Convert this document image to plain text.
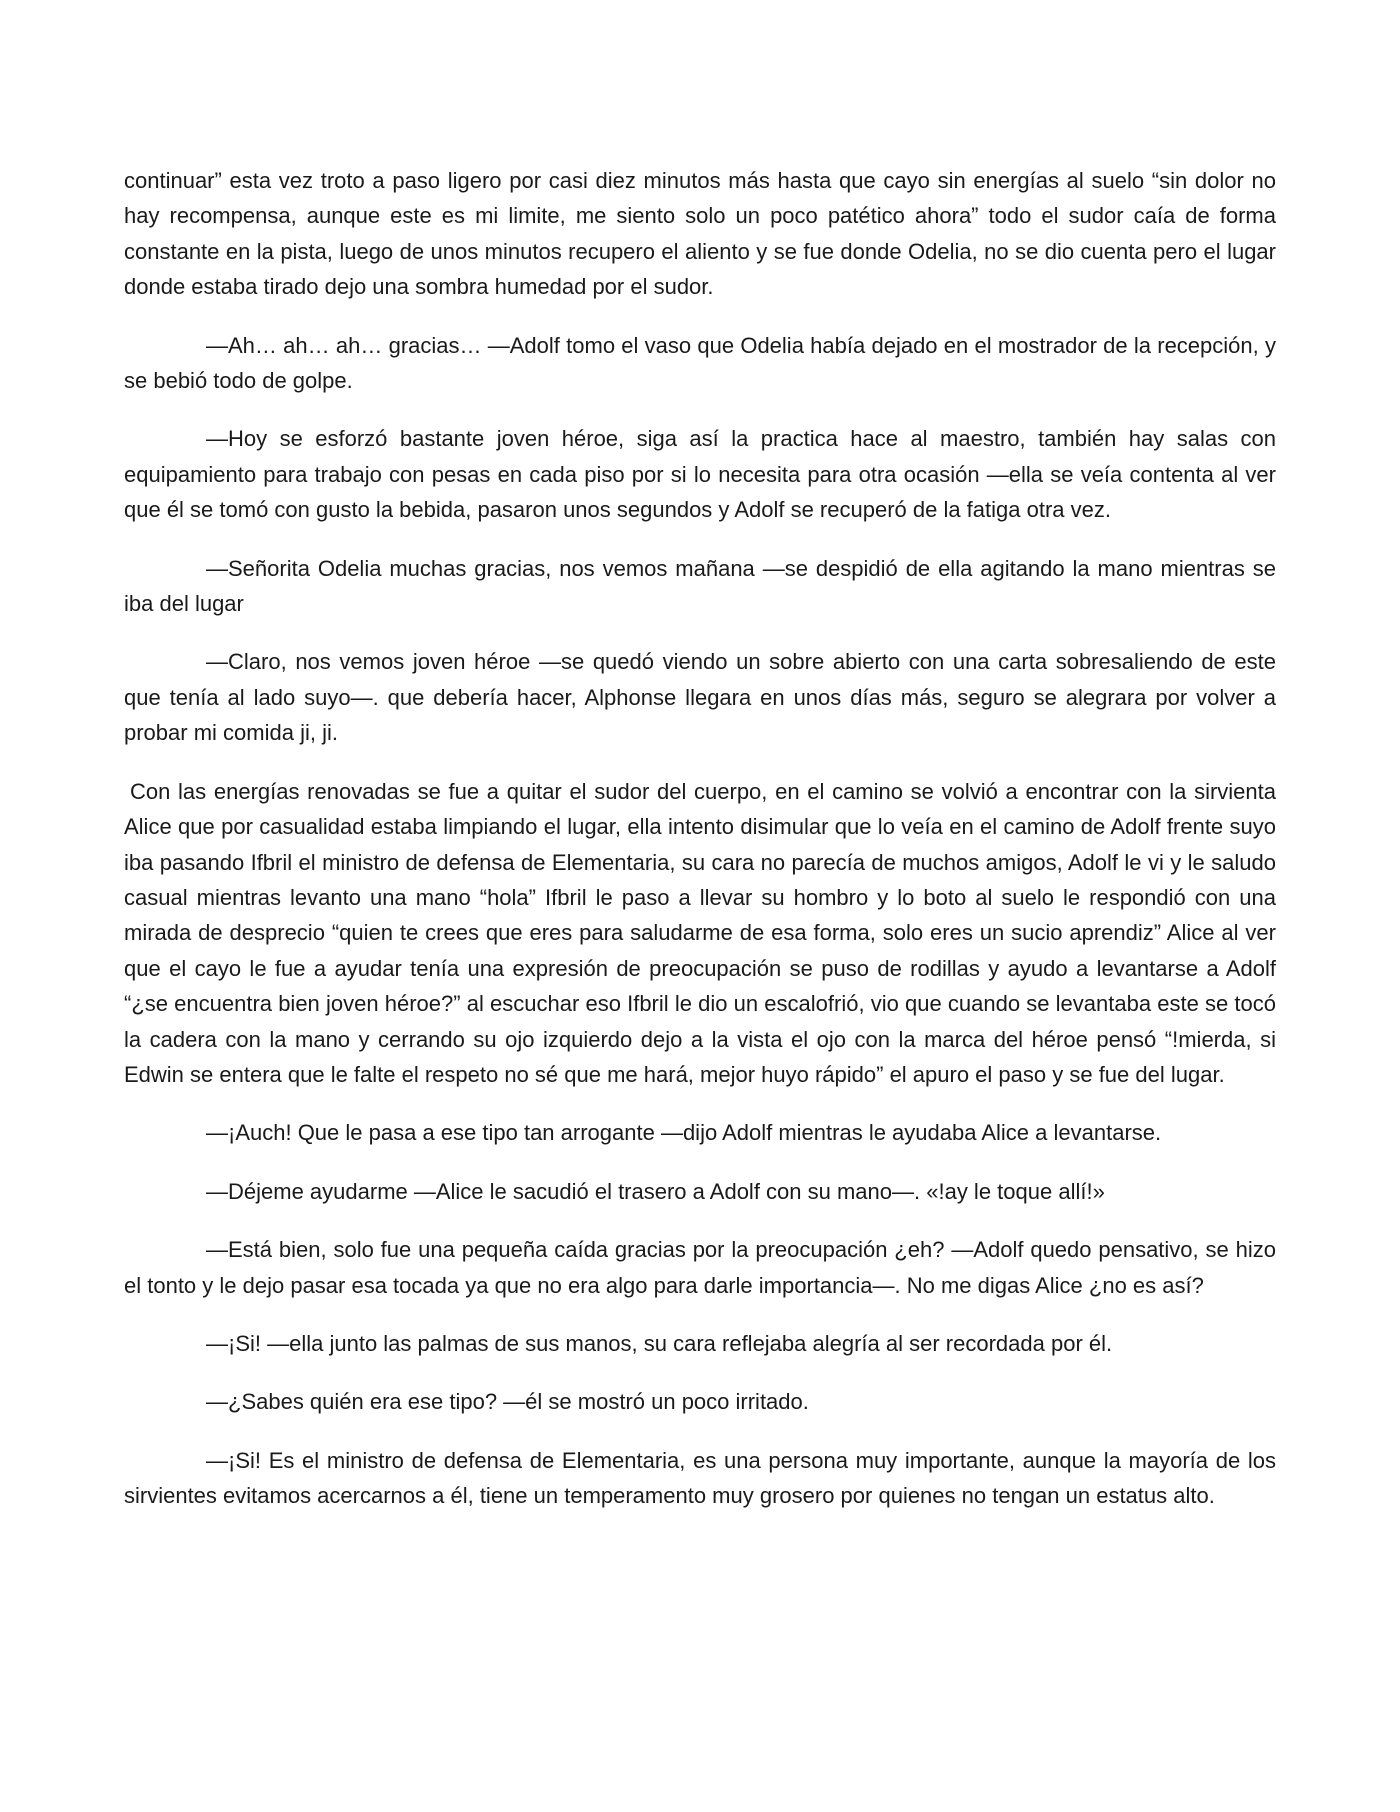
continuar” esta vez troto a paso ligero por casi diez minutos más hasta que cayo sin energías al suelo “sin dolor no hay recompensa, aunque este es mi limite, me siento solo un poco patético ahora” todo el sudor caía de forma constante en la pista, luego de unos minutos recupero el aliento y se fue donde Odelia, no se dio cuenta pero el lugar donde estaba tirado dejo una sombra humedad por el sudor.

—Ah… ah… ah… gracias… —Adolf tomo el vaso que Odelia había dejado en el mostrador de la recepción, y se bebió todo de golpe.

—Hoy se esforzó bastante joven héroe, siga así la practica hace al maestro, también hay salas con equipamiento para trabajo con pesas en cada piso por si lo necesita para otra ocasión —ella se veía contenta al ver que él se tomó con gusto la bebida, pasaron unos segundos y Adolf se recuperó de la fatiga otra vez.

—Señorita Odelia muchas gracias, nos vemos mañana —se despidió de ella agitando la mano mientras se iba del lugar

—Claro, nos vemos joven héroe —se quedó viendo un sobre abierto con una carta sobresaliendo de este que tenía al lado suyo—. que debería hacer, Alphonse llegara en unos días más, seguro se alegrara por volver a probar mi comida ji, ji.

Con las energías renovadas se fue a quitar el sudor del cuerpo, en el camino se volvió a encontrar con la sirvienta Alice que por casualidad estaba limpiando el lugar, ella intento disimular que lo veía en el camino de Adolf frente suyo iba pasando Ifbril el ministro de defensa de Elementaria, su cara no parecía de muchos amigos, Adolf le vi y le saludo casual mientras levanto una mano “hola” Ifbril le paso a llevar su hombro y lo boto al suelo le respondió con una mirada de desprecio “quien te crees que eres para saludarme de esa forma, solo eres un sucio aprendiz” Alice al ver que el cayo le fue a ayudar tenía una expresión de preocupación se puso de rodillas y ayudo a levantarse a Adolf “¿se encuentra bien joven héroe?” al escuchar eso Ifbril le dio un escalofrió, vio que cuando se levantaba este se tocó la cadera con la mano y cerrando su ojo izquierdo dejo a la vista el ojo con la marca del héroe pensó “!mierda, si Edwin se entera que le falte el respeto no sé que me hará, mejor huyo rápido” el apuro el paso y se fue del lugar.

—¡Auch! Que le pasa a ese tipo tan arrogante —dijo Adolf mientras le ayudaba Alice a levantarse.

—Déjeme ayudarme —Alice le sacudió el trasero a Adolf con su mano—. «!ay le toque allí!»

—Está bien, solo fue una pequeña caída gracias por la preocupación ¿eh? —Adolf quedo pensativo, se hizo el tonto y le dejo pasar esa tocada ya que no era algo para darle importancia—. No me digas Alice ¿no es así?

—¡Si! —ella junto las palmas de sus manos, su cara reflejaba alegría al ser recordada por él.

—¿Sabes quién era ese tipo? —él se mostró un poco irritado.

—¡Si! Es el ministro de defensa de Elementaria, es una persona muy importante, aunque la mayoría de los sirvientes evitamos acercarnos a él, tiene un temperamento muy grosero por quienes no tengan un estatus alto.
